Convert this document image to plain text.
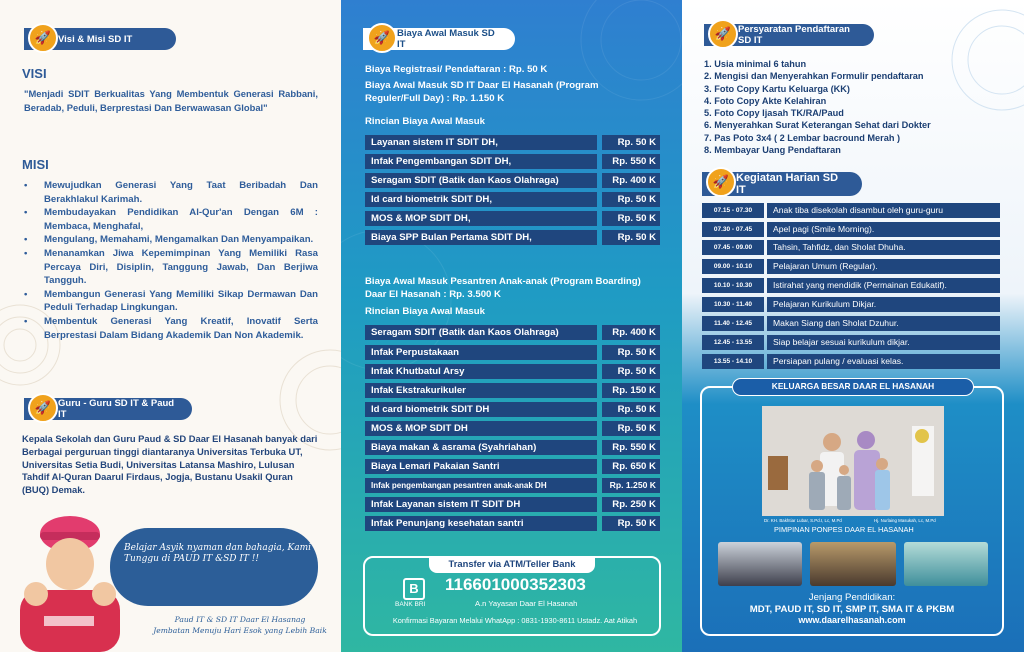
🚀 Visi & Misi SD IT
VISI
"Menjadi SDIT Berkualitas Yang Membentuk Generasi Rabbani, Beradab, Peduli, Berprestasi Dan Berwawasan Global"
MISI
• Mewujudkan Generasi Yang Taat Beribadah Dan Berakhlakul Karimah.
• Membudayakan Pendidikan Al-Qur'an Dengan 6M : Membaca, Menghafal,
• Mengulang, Memahami, Mengamalkan Dan Menyampaikan.
• Menanamkan Jiwa Kepemimpinan Yang Memiliki Rasa Percaya Diri, Disiplin, Tanggung Jawab, Dan Berjiwa Tangguh.
• Membangun Generasi Yang Memiliki Sikap Dermawan Dan Peduli Terhadap Lingkungan.
• Membentuk Generasi Yang Kreatif, Inovatif Serta Berprestasi Dalam Bidang Akademik Dan Non Akademik.
🚀 Guru - Guru SD IT & Paud IT
Kepala Sekolah dan Guru Paud & SD Daar El Hasanah banyak dari Berbagai perguruan tinggi diantaranya Universitas Terbuka UT, Universitas Setia Budi, Universitas Latansa Mashiro, Lulusan Tahdif Al-Quran Daarul Firdaus, Jogja, Bustanu Usakil Quran (BUQ) Demak.
Belajar Asyik nyaman dan bahagia, Kami Tunggu di PAUD IT &SD IT !!
Paud IT & SD IT Daar El Hasanag
Jembatan Menuju Hari Esok yang Lebih Baik
🚀 Biaya Awal Masuk SD IT
Biaya Registrasi/ Pendaftaran : Rp. 50 K
Biaya Awal Masuk SD IT Daar El Hasanah (Program Reguler/Full Day) : Rp. 1.150 K
Rincian Biaya Awal Masuk
Layanan sistem IT SDIT DH,	Rp. 50 K
Infak Pengembangan SDIT DH,	Rp. 550 K
Seragam SDIT (Batik dan Kaos Olahraga)	Rp. 400 K
Id card biometrik SDIT DH,	Rp. 50 K
MOS & MOP SDIT DH,	Rp. 50 K
Biaya SPP Bulan Pertama SDIT DH,	Rp. 50 K
Biaya Awal Masuk Pesantren Anak-anak (Program Boarding) Daar El Hasanah : Rp. 3.500 K
Rincian Biaya Awal Masuk
Seragam SDIT (Batik dan Kaos Olahraga)	Rp. 400 K
Infak Perpustakaan	Rp. 50 K
Infak Khutbatul Arsy	Rp. 50 K
Infak Ekstrakurikuler	Rp. 150 K
Id card biometrik SDIT DH	Rp. 50 K
MOS & MOP SDIT DH	Rp. 50 K
Biaya makan & asrama (Syahriahan)	Rp. 550 K
Biaya Lemari Pakaian Santri	Rp. 650 K
Infak pengembangan pesantren anak-anak DH	Rp. 1.250 K
Infak Layanan sistem IT SDIT DH	Rp. 250 K
Infak Penunjang kesehatan santri	Rp. 50 K
Transfer via ATM/Teller Bank
B
BANK BRI
116601000352303
A.n Yayasan Daar El Hasanah
Konfirmasi Bayaran Melalui WhatApp : 0831-1930-8611 Ustadz. Aat Atikah
🚀 Persyaratan Pendaftaran SD IT
1. Usia minimal 6 tahun
2. Mengisi dan Menyerahkan Formulir pendaftaran
3. Foto Copy Kartu Keluarga (KK)
4. Foto Copy Akte Kelahiran
5. Foto Copy Ijasah TK/RA/Paud
6. Menyerahkan Surat Keterangan Sehat dari Dokter
7. Pas Poto 3x4 ( 2 Lembar bacround Merah )
8. Membayar Uang Pendaftaran
🚀 Kegiatan Harian SD IT
07.15 - 07.30	Anak tiba disekolah disambut oleh guru-guru
07.30 - 07.45	Apel pagi (Smile Morning).
07.45 - 09.00	Tahsin, Tahfidz, dan Sholat Dhuha.
09.00 - 10.10	Pelajaran Umum (Regular).
10.10 - 10.30	Istirahat yang mendidik (Permainan Edukatif).
10.30 - 11.40	Pelajaran Kurikulum Dikjar.
11.40 - 12.45	Makan Siang dan Sholat Dzuhur.
12.45 - 13.55	Siap belajar sesuai kurikulum dikjar.
13.55 - 14.10	Persiapan pulang / evaluasi kelas.
KELUARGA BESAR DAAR EL HASANAH
Dr. KH. Bakhtiar Lubar, S.Pd.I, Lc, M.Pd	Hj. Nurlaing Masukah, Lc, M.Pd
PIMPINAN PONPES DAAR EL HASANAH
Jenjang Pendidikan:
MDT, PAUD IT, SD IT, SMP IT, SMA IT & PKBM
www.daarelhasanah.com
